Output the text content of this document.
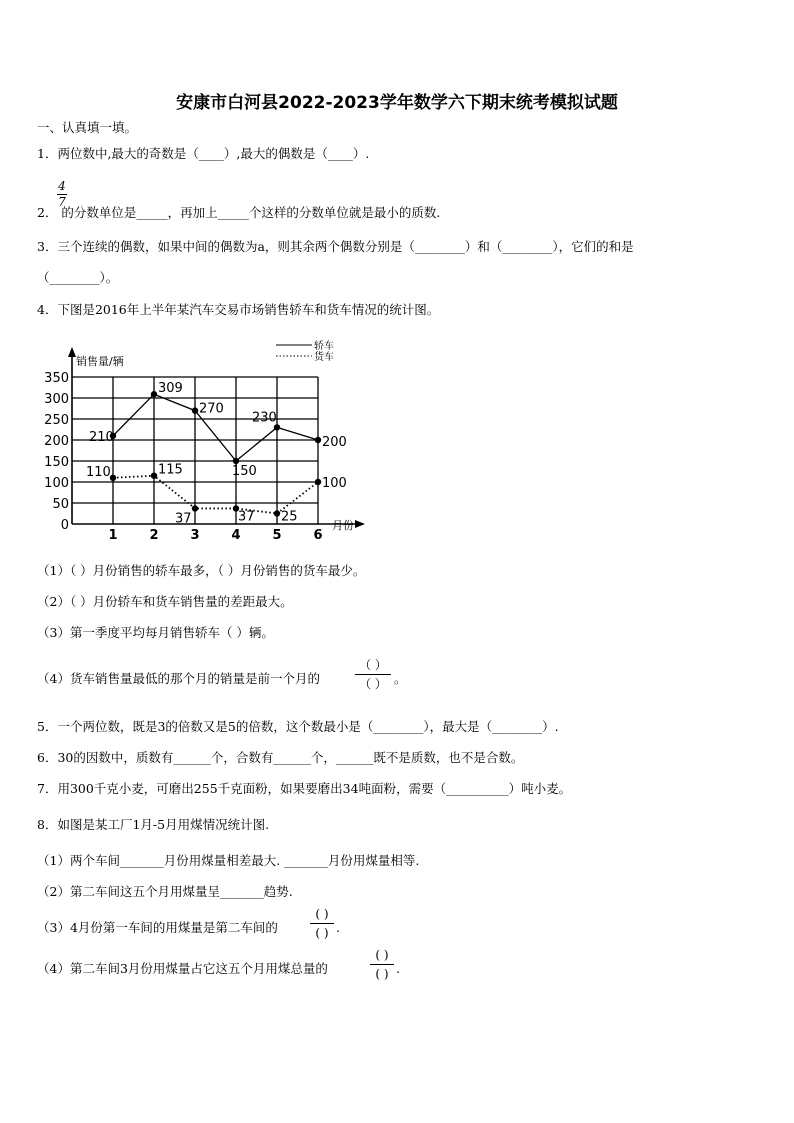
安康市白河县2022-2023学年数学六下期末统考模拟试题
一、认真填一填。
1．两位数中,最大的奇数是（____）,最大的偶数是（____）.
4
7
2． 的分数单位是_____，再加上_____个这样的分数单位就是最小的质数.
3．三个连续的偶数，如果中间的偶数为a，则其余两个偶数分别是（________）和（________），它们的和是
（________）。
4．下图是2016年上半年某汽车交易市场销售轿车和货车情况的统计图。
0
50
100
150
200
250
300
350
1 2 3 4 5 6
销售量/辆
月份
210
309
270
150
230
200
110	115
37	37 25
100
轿车
货车
（1）（ ）月份销售的轿车最多，（ ）月份销售的货车最少。
（2）（ ）月份轿车和货车销售量的差距最大。
（3）第一季度平均每月销售轿车（ ）辆。
（4）货车销售量最低的那个月的销量是前一个月的
（ ）
（ ） 。
5．一个两位数，既是3的倍数又是5的倍数，这个数最小是（________），最大是（________）.
6．30的因数中，质数有______个，合数有______个，______既不是质数，也不是合数。
7．用300千克小麦，可磨出255千克面粉，如果要磨出34吨面粉，需要（__________）吨小麦。
8．如图是某工厂1月-5月用煤情况统计图.
（1）两个车间_______月份用煤量相差最大. _______月份用煤量相等.
（2）第二车间这五个月用煤量呈_______趋势.
（3）4月份第一车间的用煤量是第二车间的
( )
( ) .
（4）第二车间3月份用煤量占它这五个月用煤总量的
( )
( ) .
